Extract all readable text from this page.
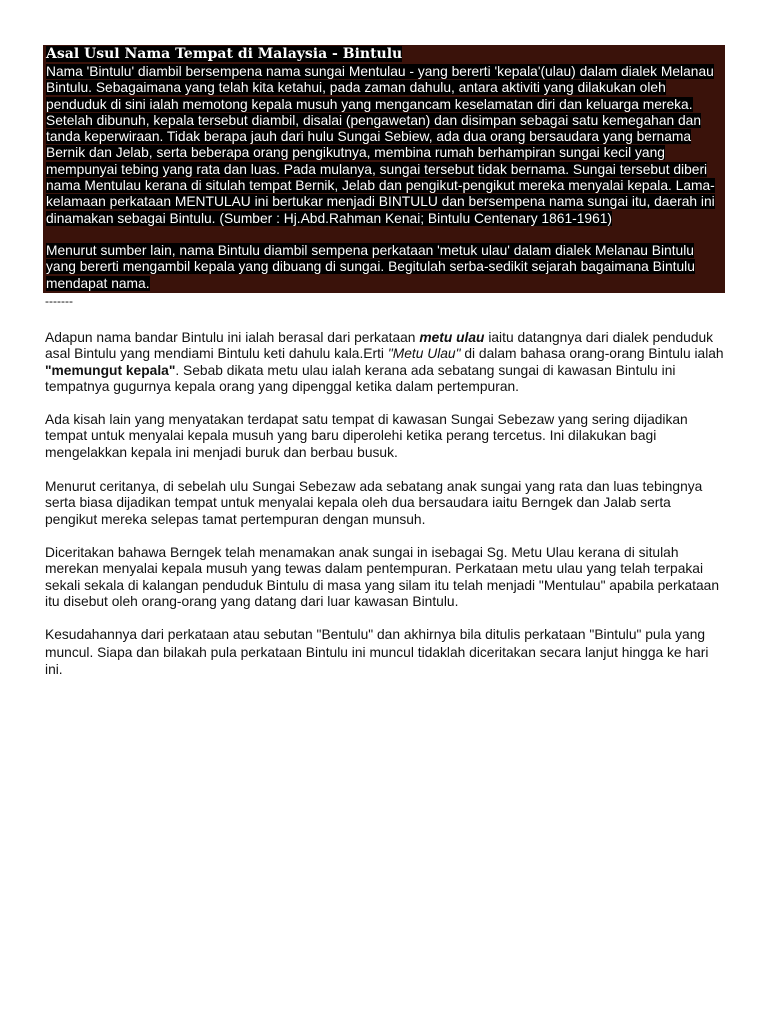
Asal Usul Nama Tempat di Malaysia - Bintulu

Nama 'Bintulu' diambil bersempena nama sungai Mentulau - yang bererti 'kepala'(ulau) dalam dialek Melanau Bintulu. Sebagaimana yang telah kita ketahui, pada zaman dahulu, antara aktiviti yang dilakukan oleh penduduk di sini ialah memotong kepala musuh yang mengancam keselamatan diri dan keluarga mereka. Setelah dibunuh, kepala tersebut diambil, disalai (pengawetan) dan disimpan sebagai satu kemegahan dan tanda keperwiraan. Tidak berapa jauh dari hulu Sungai Sebiew, ada dua orang bersaudara yang bernama Bernik dan Jelab, serta beberapa orang pengikutnya, membina rumah berhampiran sungai kecil yang mempunyai tebing yang rata dan luas. Pada mulanya, sungai tersebut tidak bernama. Sungai tersebut diberi nama Mentulau kerana di situlah tempat Bernik, Jelab dan pengikut-pengikut mereka menyalai kepala. Lama-kelamaan perkataan MENTULAU ini bertukar menjadi BINTULU dan bersempena nama sungai itu, daerah ini dinamakan sebagai Bintulu. (Sumber : Hj.Abd.Rahman Kenai; Bintulu Centenary 1861-1961)

Menurut sumber lain, nama Bintulu diambil sempena perkataan 'metuk ulau' dalam dialek Melanau Bintulu yang bererti mengambil kepala yang dibuang di sungai. Begitulah serba-sedikit sejarah bagaimana Bintulu mendapat nama.

-------

Adapun nama bandar Bintulu ini ialah berasal dari perkataan metu ulau iaitu datangnya dari dialek penduduk asal Bintulu yang mendiami Bintulu keti dahulu kala.Erti "Metu Ulau" di dalam bahasa orang-orang Bintulu ialah "memungut kepala". Sebab dikata metu ulau ialah kerana ada sebatang sungai di kawasan Bintulu ini tempatnya gugurnya kepala orang yang dipenggal ketika dalam pertempuran.

Ada kisah lain yang menyatakan terdapat satu tempat di kawasan Sungai Sebezaw yang sering dijadikan tempat untuk menyalai kepala musuh yang baru diperolehi ketika perang tercetus. Ini dilakukan bagi mengelakkan kepala ini menjadi buruk dan berbau busuk.

Menurut ceritanya, di sebelah ulu Sungai Sebezaw ada sebatang anak sungai yang rata dan luas tebingnya serta biasa dijadikan tempat untuk menyalai kepala oleh dua bersaudara iaitu Berngek dan Jalab serta pengikut mereka selepas tamat pertempuran dengan munsuh.

Diceritakan bahawa Berngek telah menamakan anak sungai in isebagai Sg. Metu Ulau kerana di situlah merekan menyalai kepala musuh yang tewas dalam pentempuran. Perkataan metu ulau yang telah terpakai sekali sekala di kalangan penduduk Bintulu di masa yang silam itu telah menjadi "Mentulau" apabila perkataan itu disebut oleh orang-orang yang datang dari luar kawasan Bintulu.

Kesudahannya dari perkataan atau sebutan "Bentulu" dan akhirnya bila ditulis perkataan "Bintulu" pula yang muncul. Siapa dan bilakah pula perkataan Bintulu ini muncul tidaklah diceritakan secara lanjut hingga ke hari ini.
